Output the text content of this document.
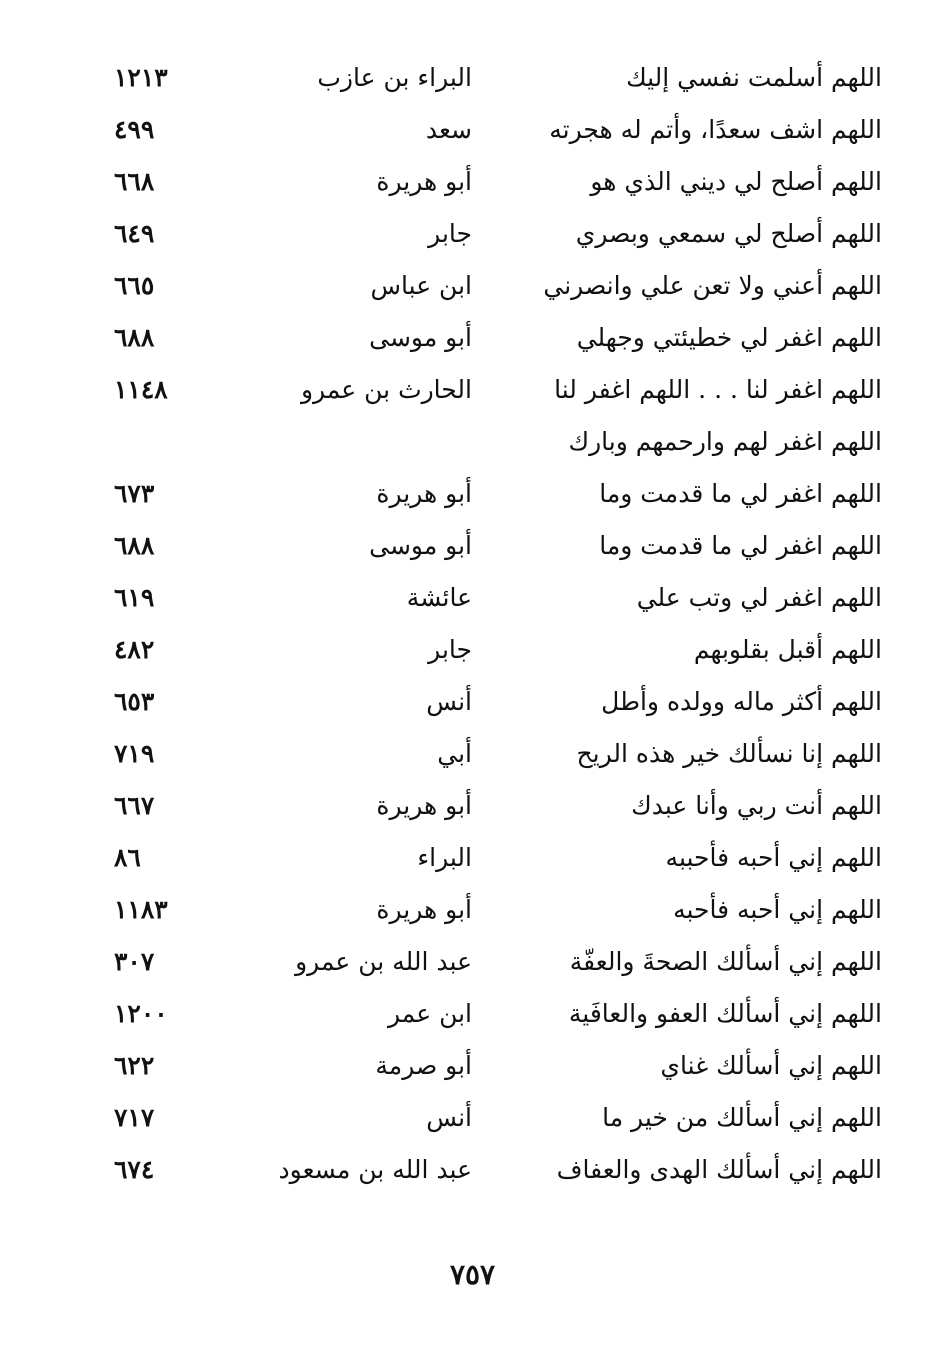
اللهم أسلمت نفسي إليك
البراء بن عازب
١٢١٣
اللهم اشف سعدًا، وأتم له هجرته
سعد
٤٩٩
اللهم أصلح لي ديني الذي هو
أبو هريرة
٦٦٨
اللهم أصلح لي سمعي وبصري
جابر
٦٤٩
اللهم أعني ولا تعن علي وانصرني
ابن عباس
٦٦٥
اللهم اغفر لي خطيئتي وجهلي
أبو موسى
٦٨٨
اللهم اغفر لنا . . . اللهم اغفر لنا
الحارث بن عمرو
١١٤٨
اللهم اغفر لهم وارحمهم وبارك
اللهم اغفر لي ما قدمت وما
أبو هريرة
٦٧٣
اللهم اغفر لي ما قدمت وما
أبو موسى
٦٨٨
اللهم اغفر لي وتب علي
عائشة
٦١٩
اللهم أقبل بقلوبهم
جابر
٤٨٢
اللهم أكثر ماله وولده وأطل
أنس
٦٥٣
اللهم إنا نسألك خير هذه الريح
أبي
٧١٩
اللهم أنت ربي وأنا عبدك
أبو هريرة
٦٦٧
اللهم إني أحبه فأحببه
البراء
٨٦
اللهم إني أحبه فأحبه
أبو هريرة
١١٨٣
اللهم إني أسألك الصحةَ والعفّة
عبد الله بن عمرو
٣٠٧
اللهم إني أسألك العفو والعافَية
ابن عمر
١٢٠٠
اللهم إني أسألك غناي
أبو صرمة
٦٢٢
اللهم إني أسألك من خير ما
أنس
٧١٧
اللهم إني أسألك الهدى والعفاف
عبد الله بن مسعود
٦٧٤
٧٥٧
